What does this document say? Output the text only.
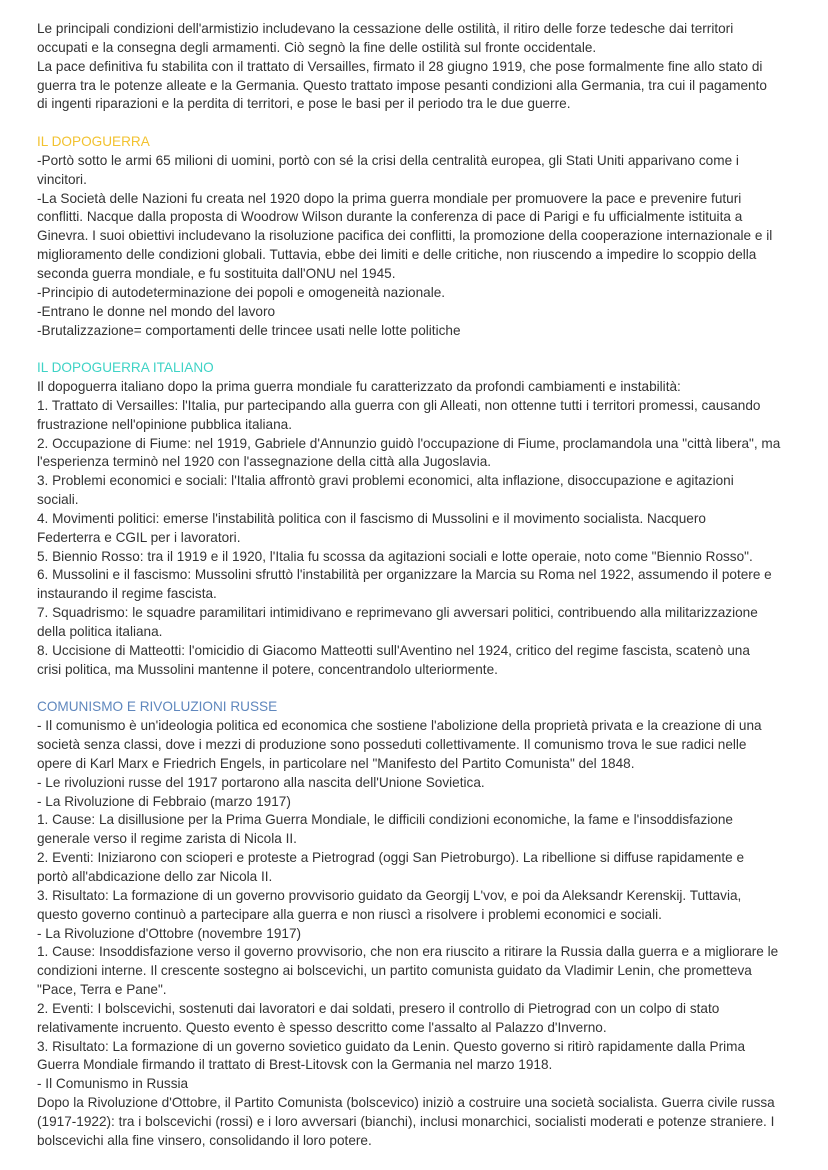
Le principali condizioni dell'armistizio includevano la cessazione delle ostilità, il ritiro delle forze tedesche dai territori
occupati e la consegna degli armamenti. Ciò segnò la fine delle ostilità sul fronte occidentale.
La pace definitiva fu stabilita con il trattato di Versailles, firmato il 28 giugno 1919, che pose formalmente fine allo stato di
guerra tra le potenze alleate e la Germania. Questo trattato impose pesanti condizioni alla Germania, tra cui il pagamento
di ingenti riparazioni e la perdita di territori, e pose le basi per il periodo tra le due guerre.
IL DOPOGUERRA
-Portò sotto le armi 65 milioni di uomini, portò con sé la crisi della centralità europea, gli Stati Uniti apparivano come i
vincitori.
-La Società delle Nazioni fu creata nel 1920 dopo la prima guerra mondiale per promuovere la pace e prevenire futuri
conflitti. Nacque dalla proposta di Woodrow Wilson durante la conferenza di pace di Parigi e fu ufficialmente istituita a
Ginevra. I suoi obiettivi includevano la risoluzione pacifica dei conflitti, la promozione della cooperazione internazionale e il
miglioramento delle condizioni globali. Tuttavia, ebbe dei limiti e delle critiche, non riuscendo a impedire lo scoppio della
seconda guerra mondiale, e fu sostituita dall'ONU nel 1945.
-Principio di autodeterminazione dei popoli e omogeneità nazionale.
-Entrano le donne nel mondo del lavoro
-Brutalizzazione= comportamenti delle trincee usati nelle lotte politiche
IL DOPOGUERRA ITALIANO
Il dopoguerra italiano dopo la prima guerra mondiale fu caratterizzato da profondi cambiamenti e instabilità:
1. Trattato di Versailles: l'Italia, pur partecipando alla guerra con gli Alleati, non ottenne tutti i territori promessi, causando
frustrazione nell'opinione pubblica italiana.
2. Occupazione di Fiume: nel 1919, Gabriele d'Annunzio guidò l'occupazione di Fiume, proclamandola una "città libera", ma
l'esperienza terminò nel 1920 con l'assegnazione della città alla Jugoslavia.
3. Problemi economici e sociali: l'Italia affrontò gravi problemi economici, alta inflazione, disoccupazione e agitazioni
sociali.
4. Movimenti politici: emerse l'instabilità politica con il fascismo di Mussolini e il movimento socialista. Nacquero
Federterra e CGIL per i lavoratori.
5. Biennio Rosso: tra il 1919 e il 1920, l'Italia fu scossa da agitazioni sociali e lotte operaie, noto come "Biennio Rosso".
6. Mussolini e il fascismo: Mussolini sfruttò l'instabilità per organizzare la Marcia su Roma nel 1922, assumendo il potere e
instaurando il regime fascista.
7. Squadrismo: le squadre paramilitari intimidivano e reprimevano gli avversari politici, contribuendo alla militarizzazione
della politica italiana.
8. Uccisione di Matteotti: l'omicidio di Giacomo Matteotti sull'Aventino nel 1924, critico del regime fascista, scatenò una
crisi politica, ma Mussolini mantenne il potere, concentrandolo ulteriormente.
COMUNISMO E RIVOLUZIONI RUSSE
- Il comunismo è un'ideologia politica ed economica che sostiene l'abolizione della proprietà privata e la creazione di una
società senza classi, dove i mezzi di produzione sono posseduti collettivamente. Il comunismo trova le sue radici nelle
opere di Karl Marx e Friedrich Engels, in particolare nel "Manifesto del Partito Comunista" del 1848.
- Le rivoluzioni russe del 1917 portarono alla nascita dell'Unione Sovietica.
- La Rivoluzione di Febbraio (marzo 1917)
1. Cause: La disillusione per la Prima Guerra Mondiale, le difficili condizioni economiche, la fame e l'insoddisfazione
generale verso il regime zarista di Nicola II.
2. Eventi: Iniziarono con scioperi e proteste a Pietrograd (oggi San Pietroburgo). La ribellione si diffuse rapidamente e
portò all'abdicazione dello zar Nicola II.
3. Risultato: La formazione di un governo provvisorio guidato da Georgij L'vov, e poi da Aleksandr Kerenskij. Tuttavia,
questo governo continuò a partecipare alla guerra e non riuscì a risolvere i problemi economici e sociali.
- La Rivoluzione d'Ottobre (novembre 1917)
1. Cause: Insoddisfazione verso il governo provvisorio, che non era riuscito a ritirare la Russia dalla guerra e a migliorare le
condizioni interne. Il crescente sostegno ai bolscevichi, un partito comunista guidato da Vladimir Lenin, che prometteva
"Pace, Terra e Pane".
2. Eventi: I bolscevichi, sostenuti dai lavoratori e dai soldati, presero il controllo di Pietrograd con un colpo di stato
relativamente incruento. Questo evento è spesso descritto come l'assalto al Palazzo d'Inverno.
3. Risultato: La formazione di un governo sovietico guidato da Lenin. Questo governo si ritirò rapidamente dalla Prima
Guerra Mondiale firmando il trattato di Brest-Litovsk con la Germania nel marzo 1918.
- Il Comunismo in Russia
Dopo la Rivoluzione d'Ottobre, il Partito Comunista (bolscevico) iniziò a costruire una società socialista. Guerra civile russa
(1917-1922): tra i bolscevichi (rossi) e i loro avversari (bianchi), inclusi monarchici, socialisti moderati e potenze straniere. I
bolscevichi alla fine vinsero, consolidando il loro potere.
